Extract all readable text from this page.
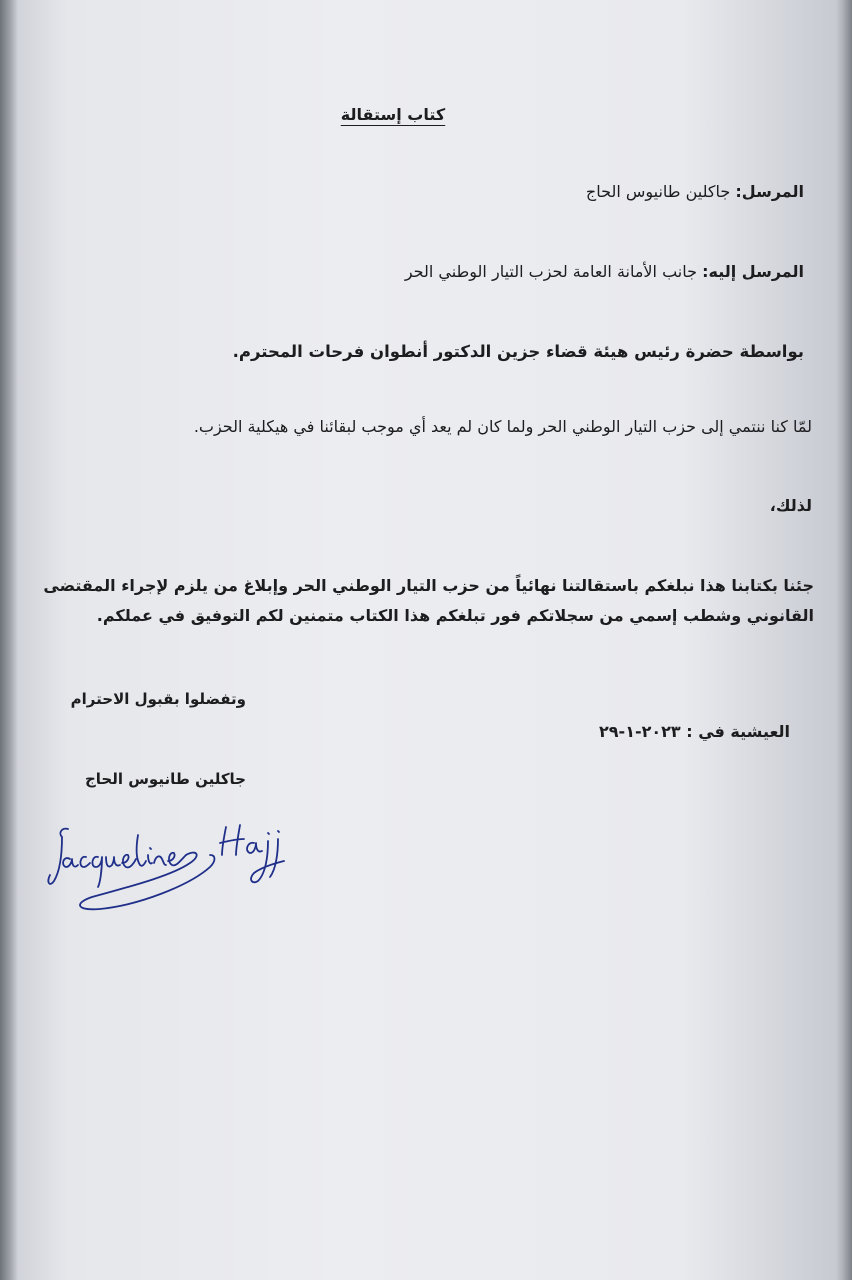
كتاب إستقالة
المرسل: جاكلين طانيوس الحاج
المرسل إليه: جانب الأمانة العامة لحزب التيار الوطني الحر
بواسطة حضرة رئيس هيئة قضاء جزين الدكتور أنطوان فرحات المحترم.
لمّا كنا ننتمي إلى حزب التيار الوطني الحر ولما كان لم يعد أي موجب لبقائنا في هيكلية الحزب.
لذلك،
جئنا بكتابنا هذا نبلغكم باستقالتنا نهائياً من حزب التيار الوطني الحر وإبلاغ من يلزم لإجراء المقتضى
القانوني وشطب إسمي من سجلاتكم فور تبلغكم هذا الكتاب متمنين لكم التوفيق في عملكم.
وتفضلوا بقبول الاحترام
العيشية في : ٢٠٢٣-١-٢٩
جاكلين طانيوس الحاج
